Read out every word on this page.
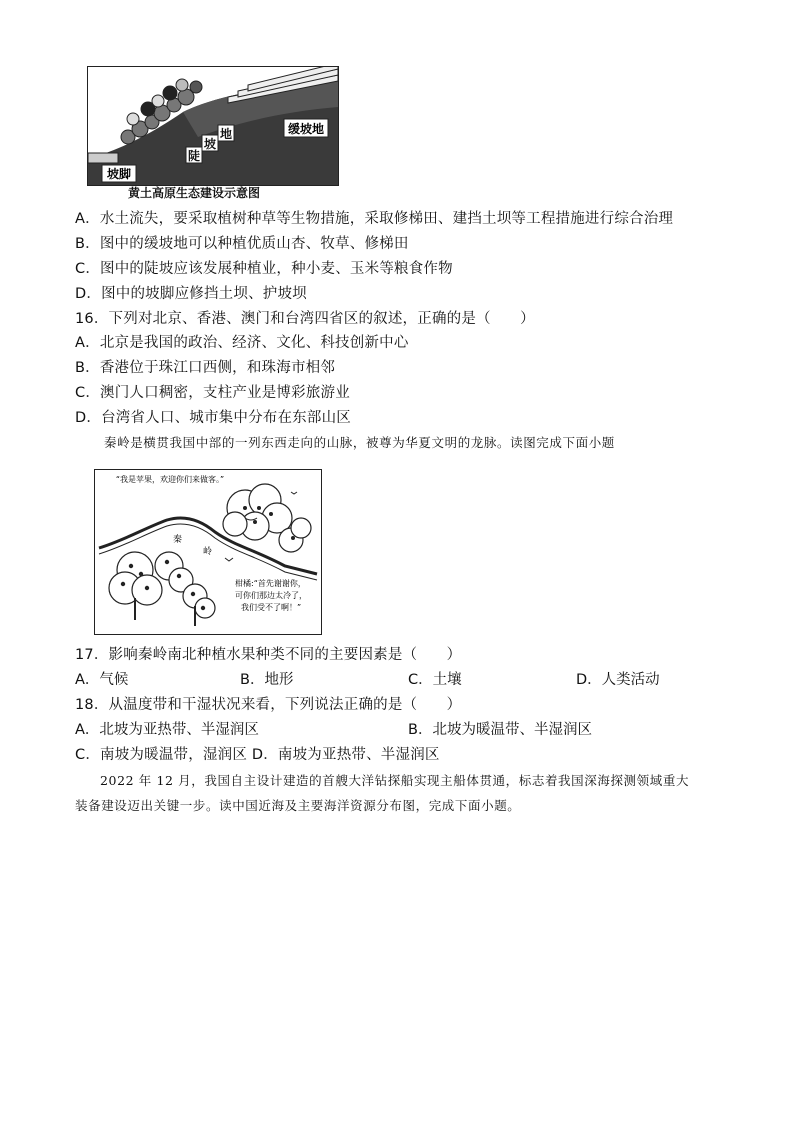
缓坡地
陡
坡
地
坡脚
黄土高原生态建设示意图
A．水土流失，要采取植树种草等生物措施，采取修梯田、建挡土坝等工程措施进行综合治理
B．图中的缓坡地可以种植优质山杏、牧草、修梯田
C．图中的陡坡应该发展种植业，种小麦、玉米等粮食作物
D．图中的坡脚应修挡土坝、护坡坝
16．下列对北京、香港、澳门和台湾四省区的叙述，正确的是（　　）
A．北京是我国的政治、经济、文化、科技创新中心
B．香港位于珠江口西侧，和珠海市相邻
C．澳门人口稠密，支柱产业是博彩旅游业
D．台湾省人口、城市集中分布在东部山区
秦岭是横贯我国中部的一列东西走向的山脉，被尊为华夏文明的龙脉。读图完成下面小题
“我是苹果，欢迎你们来做客。”
秦
岭
柑橘:“首先谢谢你，
可你们那边太冷了，
我们受不了啊！”
17．影响秦岭南北种植水果种类不同的主要因素是（　　）
A．气候	B．地形	C．土壤	D．人类活动
18．从温度带和干湿状况来看，下列说法正确的是（　　）
A．北坡为亚热带、半湿润区	B．北坡为暖温带、半湿润区
C．南坡为暖温带，湿润区 D．南坡为亚热带、半湿润区
2022 年 12 月，我国自主设计建造的首艘大洋钻探船实现主船体贯通，标志着我国深海探测领域重大
装备建设迈出关键一步。读中国近海及主要海洋资源分布图，完成下面小题。
